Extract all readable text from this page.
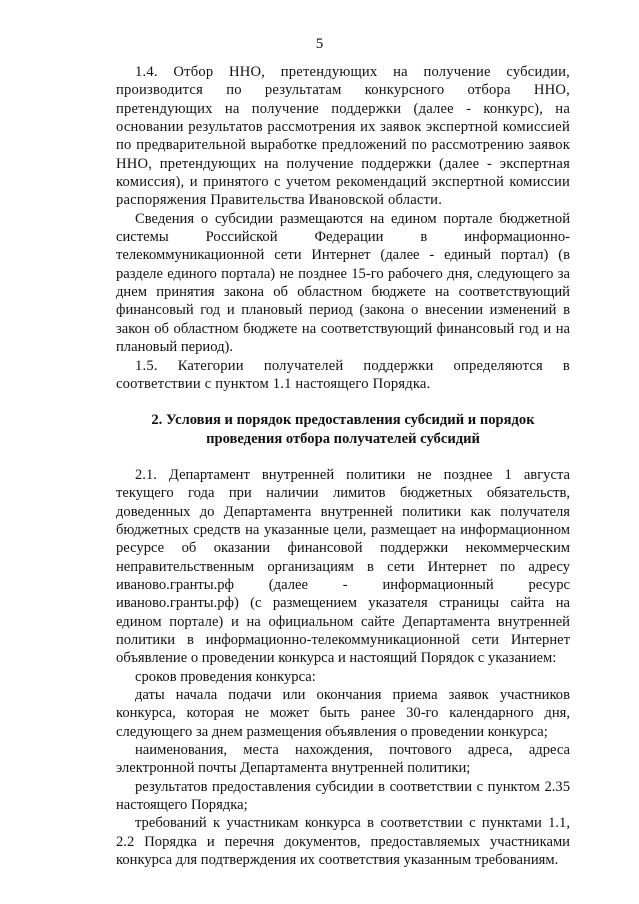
5

1.4. Отбор ННО, претендующих на получение субсидии, производится по результатам конкурсного отбора ННО, претендующих на получение поддержки (далее - конкурс), на основании результатов рассмотрения их заявок экспертной комиссией по предварительной выработке предложений по рассмотрению заявок ННО, претендующих на получение поддержки (далее - экспертная комиссия), и принятого с учетом рекомендаций экспертной комиссии распоряжения Правительства Ивановской области.

Сведения о субсидии размещаются на едином портале бюджетной системы Российской Федерации в информационно-телекоммуникационной сети Интернет (далее - единый портал) (в разделе единого портала) не позднее 15-го рабочего дня, следующего за днем принятия закона об областном бюджете на соответствующий финансовый год и плановый период (закона о внесении изменений в закон об областном бюджете на соответствующий финансовый год и на плановый период).

1.5. Категории получателей поддержки определяются в соответствии с пунктом 1.1 настоящего Порядка.

2. Условия и порядок предоставления субсидий и порядок
проведения отбора получателей субсидий

2.1. Департамент внутренней политики не позднее 1 августа текущего года при наличии лимитов бюджетных обязательств, доведенных до Департамента внутренней политики как получателя бюджетных средств на указанные цели, размещает на информационном ресурсе об оказании финансовой поддержки некоммерческим неправительственным организациям в сети Интернет по адресу иваново.гранты.рф (далее - информационный ресурс иваново.гранты.рф) (с размещением указателя страницы сайта на едином портале) и на официальном сайте Департамента внутренней политики в информационно-телекоммуникационной сети Интернет объявление о проведении конкурса и настоящий Порядок с указанием:

сроков проведения конкурса:

даты начала подачи или окончания приема заявок участников конкурса, которая не может быть ранее 30-го календарного дня, следующего за днем размещения объявления о проведении конкурса;

наименования, места нахождения, почтового адреса, адреса электронной почты Департамента внутренней политики;

результатов предоставления субсидии в соответствии с пунктом 2.35 настоящего Порядка;

требований к участникам конкурса в соответствии с пунктами 1.1, 2.2 Порядка и перечня документов, предоставляемых участниками конкурса для подтверждения их соответствия указанным требованиям.
